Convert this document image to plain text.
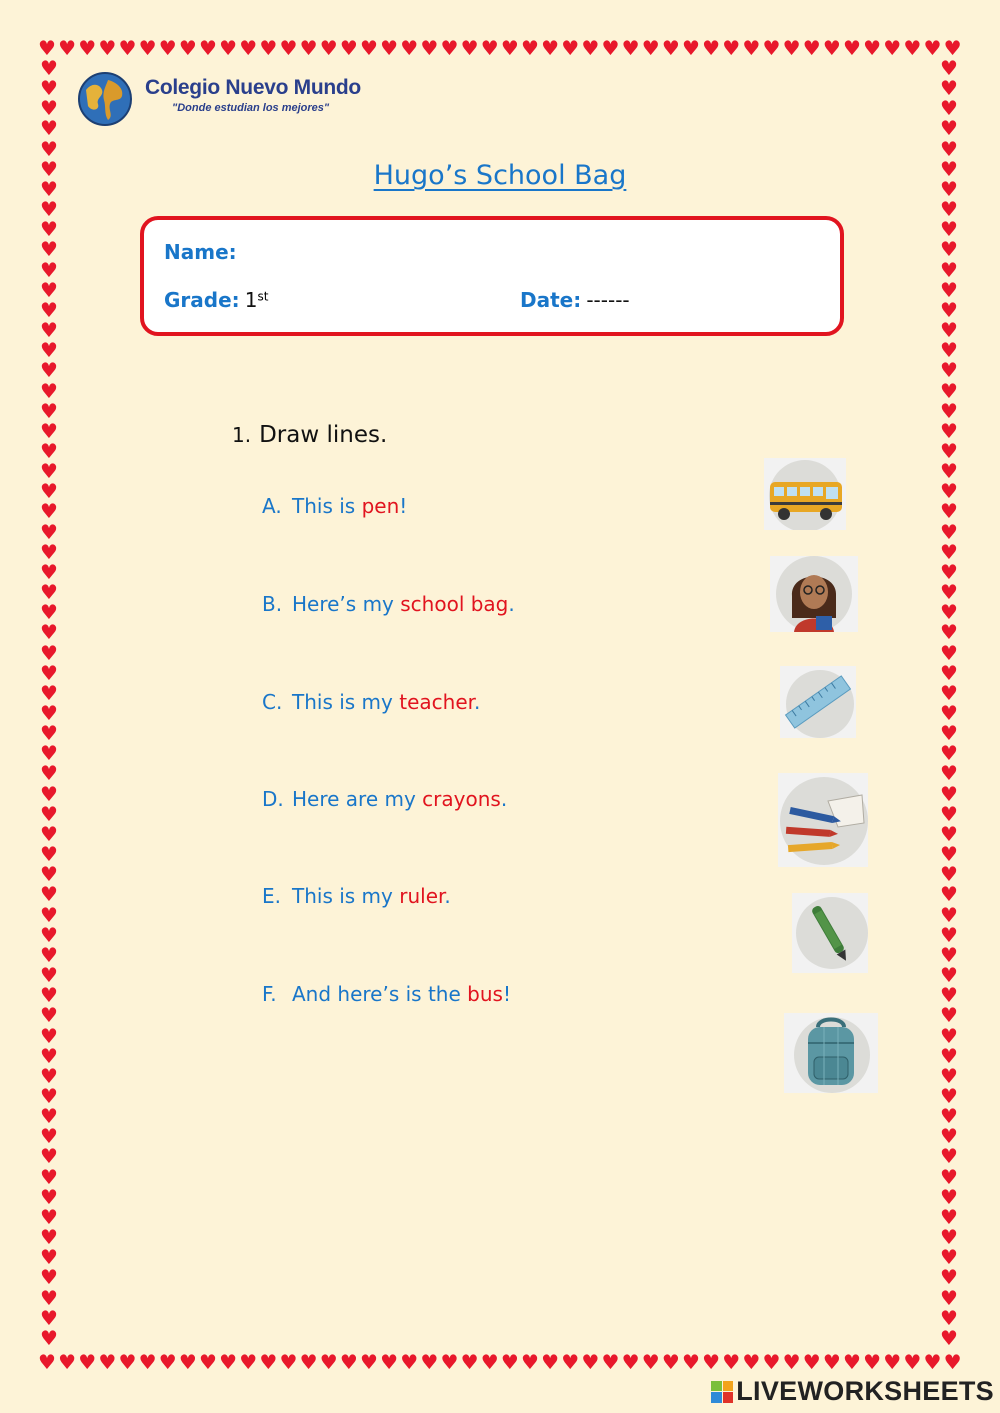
♥ ♥ ♥ ♥ ♥ ♥ ♥ ♥ ♥ ♥ ♥ ♥ ♥ ♥ ♥ ♥ ♥ ♥ ♥ ♥ ♥ ♥ ♥ ♥ ♥ ♥ ♥ ♥ ♥ ♥ ♥ ♥ ♥ ♥ ♥ ♥ ♥ ♥ ♥ ♥ ♥ ♥ ♥ ♥ ♥ ♥
♥ ♥ ♥ ♥ ♥ ♥ ♥ ♥ ♥ ♥ ♥ ♥ ♥ ♥ ♥ ♥ ♥ ♥ ♥ ♥ ♥ ♥ ♥ ♥ ♥ ♥ ♥ ♥ ♥ ♥ ♥ ♥ ♥ ♥ ♥ ♥ ♥ ♥ ♥ ♥ ♥ ♥ ♥ ♥ ♥ ♥
♥
♥
♥
♥
♥
♥
♥
♥
♥
♥
♥
♥
♥
♥
♥
♥
♥
♥
♥
♥
♥
♥
♥
♥
♥
♥
♥
♥
♥
♥
♥
♥
♥
♥
♥
♥
♥
♥
♥
♥
♥
♥
♥
♥
♥
♥
♥
♥
♥
♥
♥
♥
♥
♥
♥
♥
♥
♥
♥
♥
♥
♥
♥
♥
♥
♥
♥
♥
♥
♥
♥
♥
♥
♥
♥
♥
♥
♥
♥
♥
♥
♥
♥
♥
♥
♥
♥
♥
♥
♥
♥
♥
♥
♥
♥
♥
♥
♥
♥
♥
♥
♥
♥
♥
♥
♥
♥
♥
♥
♥
♥
♥
♥
♥
♥
♥
♥
♥
♥
♥
♥
♥
♥
♥
♥
♥
♥
♥
Colegio Nuevo Mundo
"Donde estudian los mejores"
Hugo’s School Bag
Name:
Grade: 1st	Date: ------
1. Draw lines.
A. This is pen!
B. Here’s my school bag.
C. This is my teacher.
D. Here are my crayons.
E. This is my ruler.
F. And here’s is the bus!
LIVEWORKSHEETS
